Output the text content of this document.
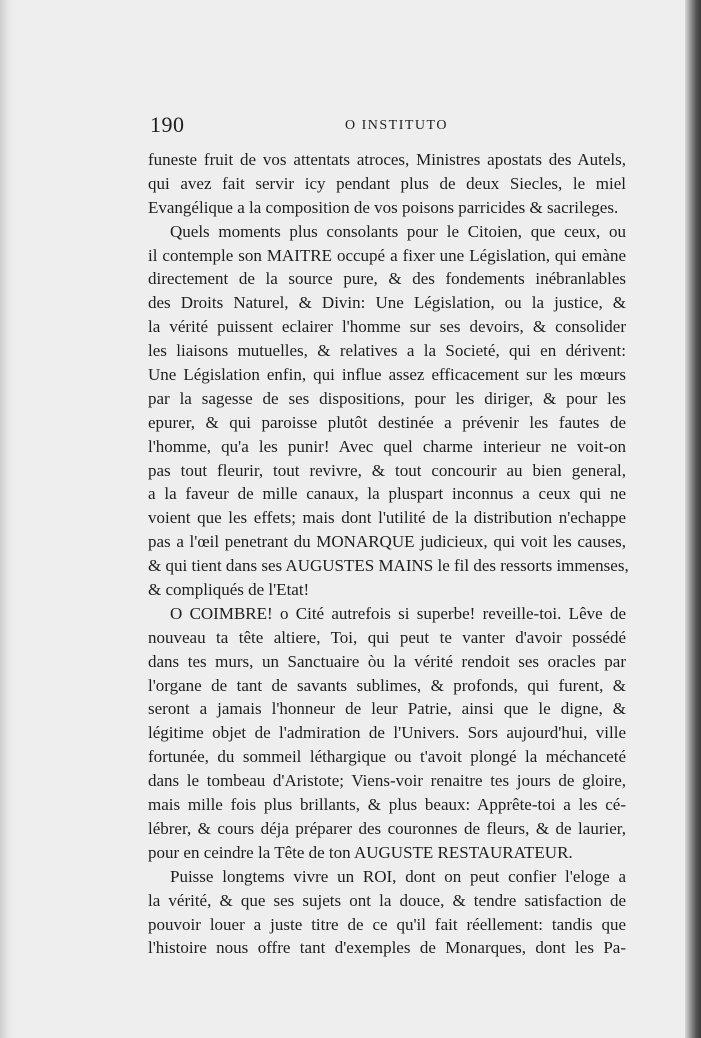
190	O INSTITUTO
funeste fruit de vos attentats atroces, Ministres apostats des Autels,
qui avez fait servir icy pendant plus de deux Siecles, le miel
Evangélique a la composition de vos poisons parricides & sacrileges.
Quels moments plus consolants pour le Citoien, que ceux, ou
il contemple son MAITRE occupé a fixer une Législation, qui emàne
directement de la source pure, & des fondements inébranlables
des Droits Naturel, & Divin: Une Législation, ou la justice, &
la vérité puissent eclairer l'homme sur ses devoirs, & consolider
les liaisons mutuelles, & relatives a la Societé, qui en dérivent:
Une Législation enfin, qui influe assez efficacement sur les mœurs
par la sagesse de ses dispositions, pour les diriger, & pour les
epurer, & qui paroisse plutôt destinée a prévenir les fautes de
l'homme, qu'a les punir! Avec quel charme interieur ne voit-on
pas tout fleurir, tout revivre, & tout concourir au bien general,
a la faveur de mille canaux, la pluspart inconnus a ceux qui ne
voient que les effets; mais dont l'utilité de la distribution n'echappe
pas a l'œil penetrant du MONARQUE judicieux, qui voit les causes,
& qui tient dans ses AUGUSTES MAINS le fil des ressorts immenses,
& compliqués de l'Etat!
O COIMBRE! o Cité autrefois si superbe! reveille-toi. Lêve de
nouveau ta tête altiere, Toi, qui peut te vanter d'avoir possédé
dans tes murs, un Sanctuaire òu la vérité rendoit ses oracles par
l'organe de tant de savants sublimes, & profonds, qui furent, &
seront a jamais l'honneur de leur Patrie, ainsi que le digne, &
légitime objet de l'admiration de l'Univers. Sors aujourd'hui, ville
fortunée, du sommeil léthargique ou t'avoit plongé la méchanceté
dans le tombeau d'Aristote; Viens-voir renaitre tes jours de gloire,
mais mille fois plus brillants, & plus beaux: Apprête-toi a les cé-
lébrer, & cours déja préparer des couronnes de fleurs, & de laurier,
pour en ceindre la Tête de ton AUGUSTE RESTAURATEUR.
Puisse longtems vivre un ROI, dont on peut confier l'eloge a
la vérité, & que ses sujets ont la douce, & tendre satisfaction de
pouvoir louer a juste titre de ce qu'il fait réellement: tandis que
l'histoire nous offre tant d'exemples de Monarques, dont les Pa-
